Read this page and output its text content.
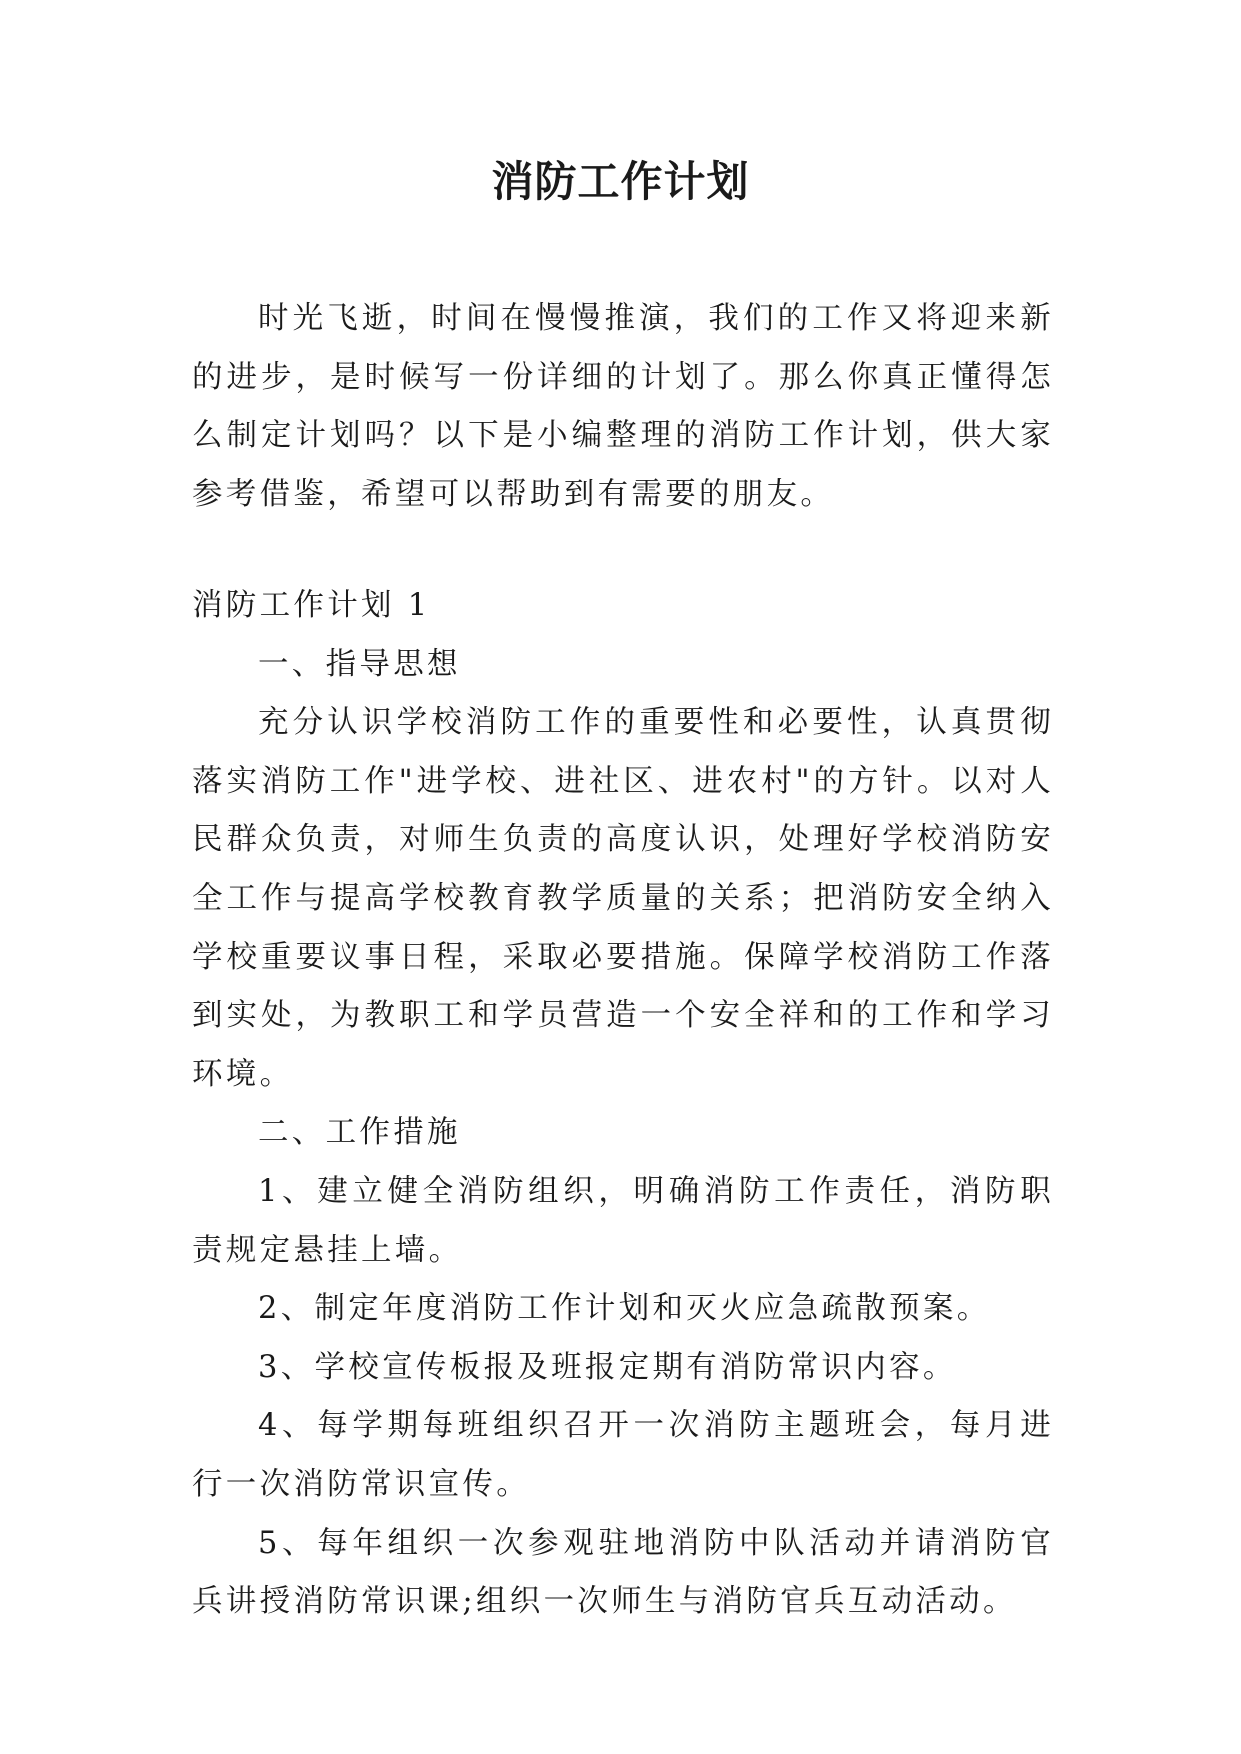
消防工作计划

时光飞逝，时间在慢慢推演，我们的工作又将迎来新的进步，是时候写一份详细的计划了。那么你真正懂得怎么制定计划吗？以下是小编整理的消防工作计划，供大家参考借鉴，希望可以帮助到有需要的朋友。

消防工作计划 1

一、指导思想

充分认识学校消防工作的重要性和必要性，认真贯彻落实消防工作"进学校、进社区、进农村"的方针。以对人民群众负责，对师生负责的高度认识，处理好学校消防安全工作与提高学校教育教学质量的关系；把消防安全纳入学校重要议事日程，采取必要措施。保障学校消防工作落到实处，为教职工和学员营造一个安全祥和的工作和学习环境。

二、工作措施

1、建立健全消防组织，明确消防工作责任，消防职责规定悬挂上墙。

2、制定年度消防工作计划和灭火应急疏散预案。

3、学校宣传板报及班报定期有消防常识内容。

4、每学期每班组织召开一次消防主题班会，每月进行一次消防常识宣传。

5、每年组织一次参观驻地消防中队活动并请消防官兵讲授消防常识课;组织一次师生与消防官兵互动活动。
